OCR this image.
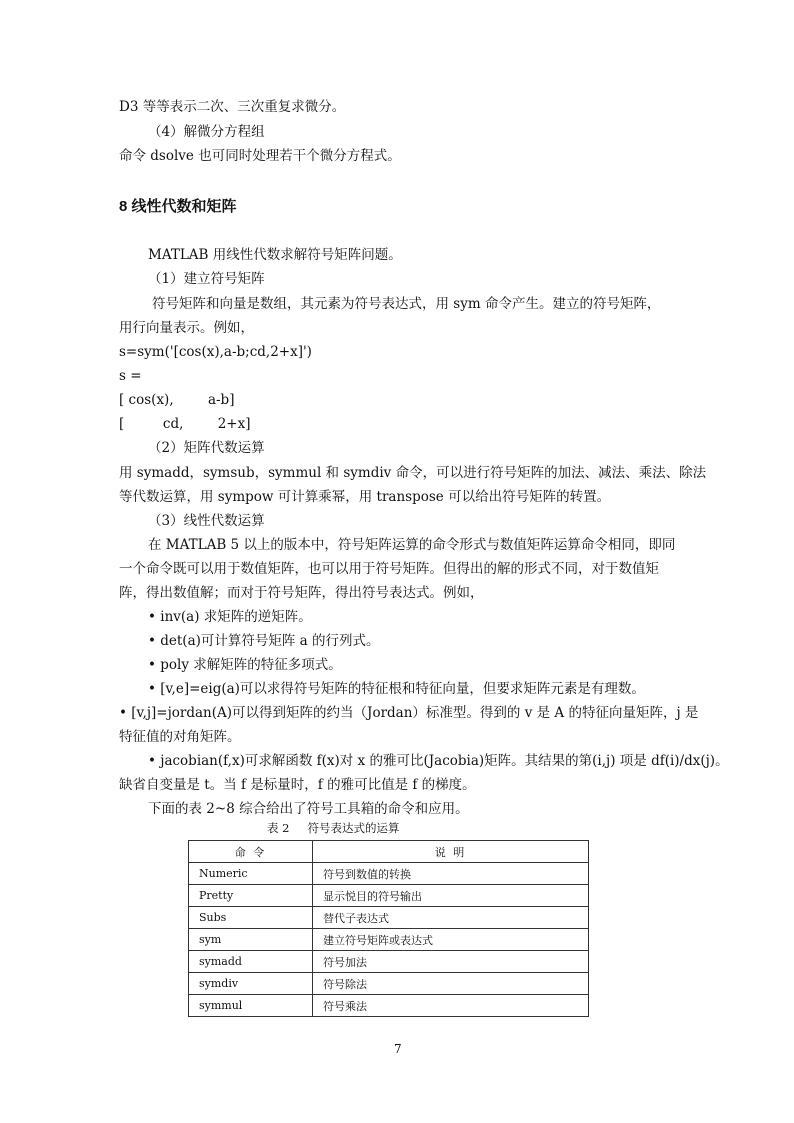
D3 等等表示二次、三次重复求微分。
（4）解微分方程组
命令 dsolve 也可同时处理若干个微分方程式。
8 线性代数和矩阵
MATLAB 用线性代数求解符号矩阵问题。
（1）建立符号矩阵
符号矩阵和向量是数组，其元素为符号表达式，用 sym 命令产生。建立的符号矩阵，
用行向量表示。例如，
s=sym('[cos(x),a-b;cd,2+x]')
s =
[ cos(x),        a-b]
[         cd,        2+x]
（2）矩阵代数运算
用 symadd，symsub，symmul 和 symdiv 命令，可以进行符号矩阵的加法、减法、乘法、除法
等代数运算，用 sympow 可计算乘幂，用 transpose 可以给出符号矩阵的转置。
（3）线性代数运算
在 MATLAB 5 以上的版本中，符号矩阵运算的命令形式与数值矩阵运算命令相同，即同
一个命令既可以用于数值矩阵，也可以用于符号矩阵。但得出的解的形式不同，对于数值矩
阵，得出数值解；而对于符号矩阵，得出符号表达式。例如，
• inv(a) 求矩阵的逆矩阵。
• det(a)可计算符号矩阵 a 的行列式。
• poly 求解矩阵的特征多项式。
• [v,e]=eig(a)可以求得符号矩阵的特征根和特征向量，但要求矩阵元素是有理数。
• [v,j]=jordan(A)可以得到矩阵的约当（Jordan）标准型。得到的 v 是 A 的特征向量矩阵，j 是
特征值的对角矩阵。
• jacobian(f,x)可求解函数 f(x)对 x 的雅可比(Jacobia)矩阵。其结果的第(i,j) 项是 df(i)/dx(j)。
缺省自变量是 t。当 f 是标量时，f 的雅可比值是 f 的梯度。
下面的表 2~8 综合给出了符号工具箱的命令和应用。
表 2 符号表达式的运算
命 令	说 明
Numeric	符号到数值的转换
Pretty	显示悦目的符号输出
Subs	替代子表达式
sym	建立符号矩阵或表达式
symadd	符号加法
symdiv	符号除法
symmul	符号乘法
7
